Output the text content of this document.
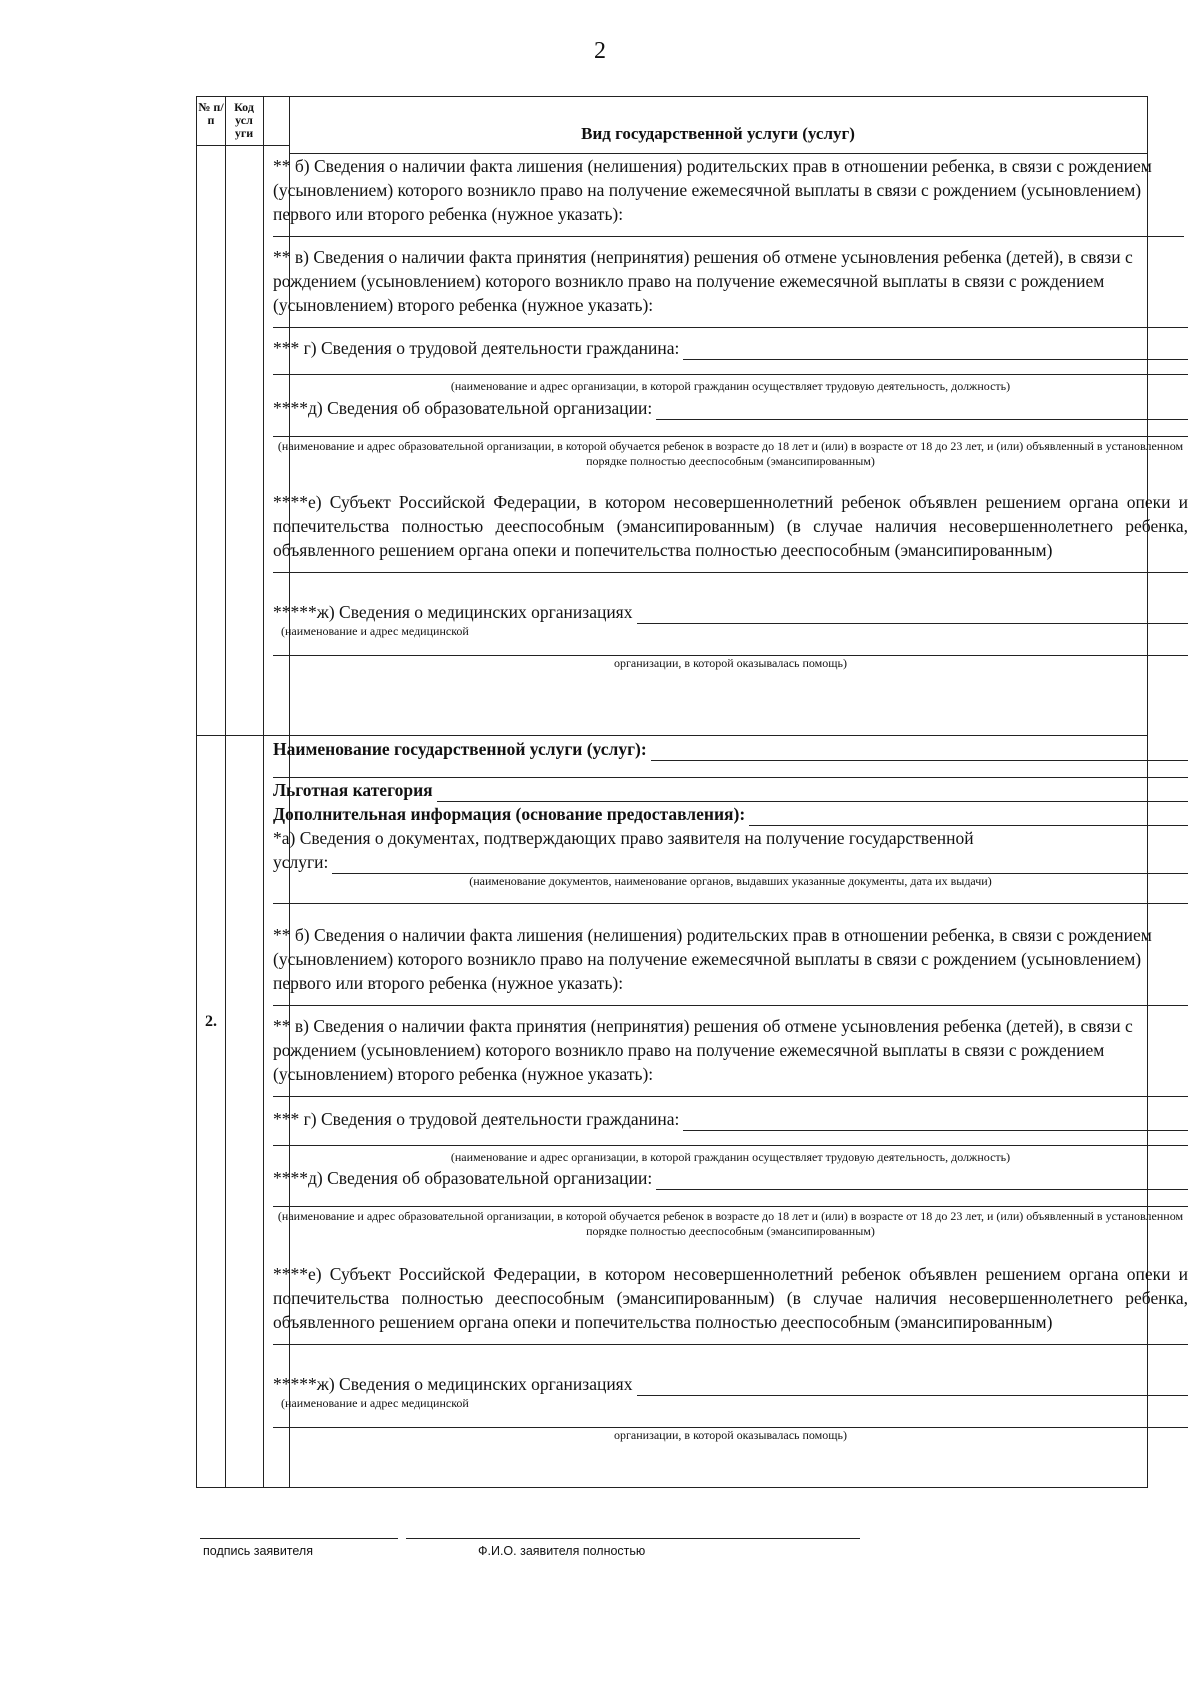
2
№ п/ п
Код усл уги	Вид государственной услуги (услуг)
2.

** б) Сведения о наличии факта лишения (нелишения) родительских прав в отношении ребенка, в связи с рождением (усыновлением) которого возникло право на получение ежемесячной выплаты в связи с рождением (усыновлением) первого или второго ребенка (нужное указать):

** в) Сведения о наличии факта принятия (непринятия) решения об отмене усыновления ребенка (детей), в связи с рождением (усыновлением) которого возникло право на получение ежемесячной выплаты в связи с рождением (усыновлением) второго ребенка (нужное указать):

*** г) Сведения о трудовой деятельности гражданина:

(наименование и адрес организации, в которой гражданин осуществляет трудовую деятельность, должность)

****д) Сведения об образовательной организации:

(наименование и адрес образовательной организации, в которой обучается ребенок в возрасте до 18 лет и (или) в возрасте от 18 до 23 лет, и (или) объявленный в установленном порядке полностью дееспособным (эмансипированным)

****е) Субъект Российской Федерации, в котором несовершеннолетний ребенок объявлен решением органа опеки и попечительства полностью дееспособным (эмансипированным) (в случае наличия несовершеннолетнего ребенка, объявленного решением органа опеки и попечительства полностью дееспособным (эмансипированным)

*****ж) Сведения о медицинских организациях

(наименование и адрес медицинской

организации, в которой оказывалась помощь)

Наименование государственной услуги (услуг):
Льготная категория
Дополнительная информация (основание предоставления):

*а) Сведения о документах, подтверждающих право заявителя на получение государственной

услуги:

(наименование документов, наименование органов, выдавших указанные документы, дата их выдачи)

** б) Сведения о наличии факта лишения (нелишения) родительских прав в отношении ребенка, в связи с рождением (усыновлением) которого возникло право на получение ежемесячной выплаты в связи с рождением (усыновлением) первого или второго ребенка (нужное указать):

** в) Сведения о наличии факта принятия (непринятия) решения об отмене усыновления ребенка (детей), в связи с рождением (усыновлением) которого возникло право на получение ежемесячной выплаты в связи с рождением (усыновлением) второго ребенка (нужное указать):

*** г) Сведения о трудовой деятельности гражданина:

(наименование и адрес организации, в которой гражданин осуществляет трудовую деятельность, должность)

****д) Сведения об образовательной организации:

(наименование и адрес образовательной организации, в которой обучается ребенок в возрасте до 18 лет и (или) в возрасте от 18 до 23 лет, и (или) объявленный в установленном порядке полностью дееспособным (эмансипированным)

****е) Субъект Российской Федерации, в котором несовершеннолетний ребенок объявлен решением органа опеки и попечительства полностью дееспособным (эмансипированным) (в случае наличия несовершеннолетнего ребенка, объявленного решением органа опеки и попечительства полностью дееспособным (эмансипированным)

*****ж) Сведения о медицинских организациях

(наименование и адрес медицинской

организации, в которой оказывалась помощь)

подпись заявителя	Ф.И.О. заявителя полностью
